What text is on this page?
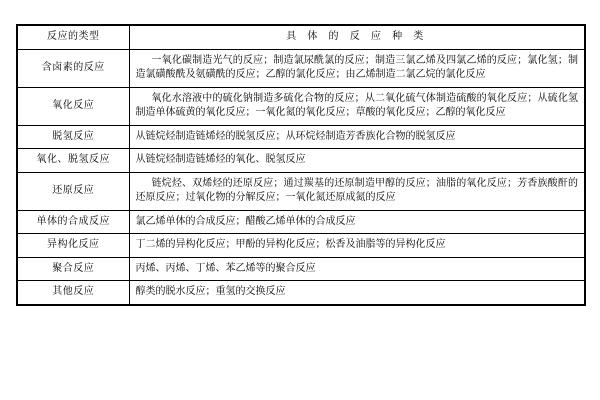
反应的类型	具 体 的 反 应 种 类
含卤素的反应	一氧化碳制造光气的反应；制造氯尿酰氯的反应；制造三氯乙烯及四氯乙烯的反应；氯化氢；制造氯磺酸酰及氨磺酰的反应；乙醇的氯化反应；由乙烯制造二氯乙烷的氯化反应
氧化反应	氧化水溶液中的硫化钠制造多硫化合物的反应；从二氧化硫气体制造硫酸的氧化反应；从硫化氢制造单体硫黄的氧化反应；一氧化氮的氧化反应；草酸的氧化反应；乙醇的氧化反应
脱氢反应	从链烷烃制造链烯烃的脱氢反应；从环烷烃制造芳香族化合物的脱氢反应
氧化、脱氢反应	从链烷烃制造链烯烃的氧化、脱氢反应
还原反应	链烷烃、双烯烃的还原反应；通过羰基的还原制造甲醇的反应；油脂的氧化反应；芳香族酸酐的还原反应；过氧化物的分解反应；一氧化氮还原成氮的反应
单体的合成反应	氯乙烯单体的合成反应；醋酸乙烯单体的合成反应
异构化反应	丁二烯的异构化反应；甲酚的异构化反应；松香及油脂等的异构化反应
聚合反应	丙烯、丙烯、丁烯、苯乙烯等的聚合反应
其他反应	醇类的脱水反应；重氢的交换反应
